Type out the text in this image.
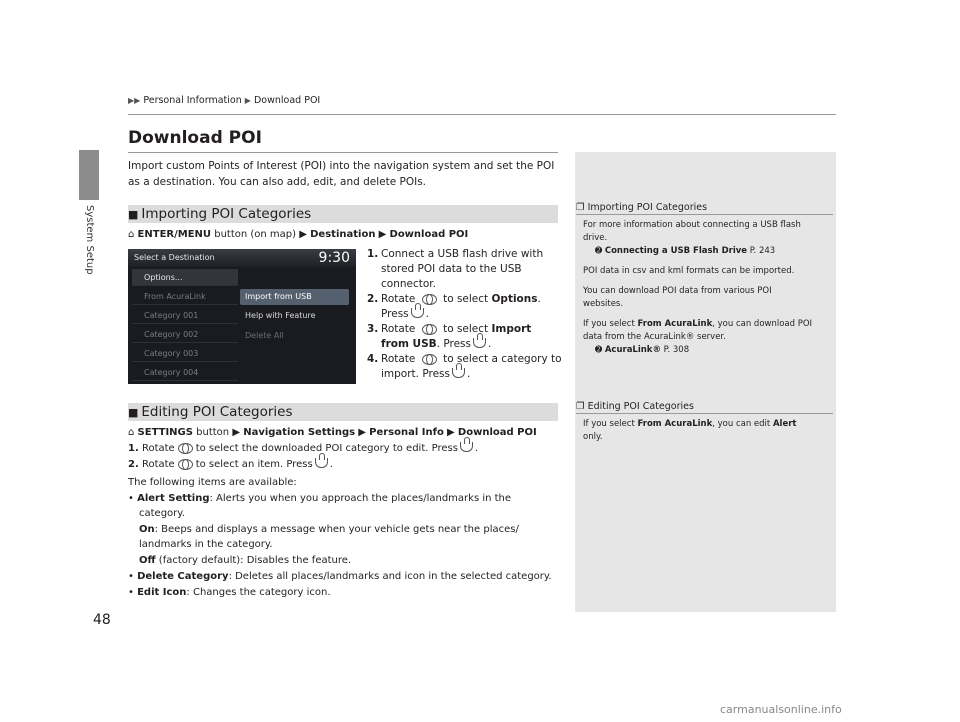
System Setup
▶▶ Personal Information ▶ Download POI
Download POI
Import custom Points of Interest (POI) into the navigation system and set the POI as a destination. You can also add, edit, and delete POIs.
■ Importing POI Categories
⌂ ENTER/MENU button (on map) ▶ Destination ▶ Download POI
Select a Destination	9:30
Options...
From AcuraLink
Category 001
Category 002
Category 003
Category 004
Import from USB
Help with Feature
Delete All
1. Connect a USB flash drive with stored POI data to the USB connector.
2. Rotate	to select Options.
Press .
3. Rotate	to select Import from USB. Press .
4. Rotate	to select a category to import. Press .
■ Editing POI Categories
⌂ SETTINGS button ▶ Navigation Settings ▶ Personal Info ▶ Download POI
1. Rotate to select the downloaded POI category to edit. Press .
2. Rotate to select an item. Press .
The following items are available:
• Alert Setting: Alerts you when you approach the places/landmarks in the
category.
On: Beeps and displays a message when your vehicle gets near the places/
landmarks in the category.
Off (factory default): Disables the feature.
• Delete Category: Deletes all places/landmarks and icon in the selected category.
• Edit Icon: Changes the category icon.
❐ Importing POI Categories
For more information about connecting a USB flash
drive.
➋ Connecting a USB Flash Drive P. 243
POI data in csv and kml formats can be imported.
You can download POI data from various POI
websites.
If you select From AcuraLink, you can download POI
data from the AcuraLink® server.
➋ AcuraLink® P. 308
❐ Editing POI Categories
If you select From AcuraLink, you can edit Alert
only.
48
carmanualsonline.info
